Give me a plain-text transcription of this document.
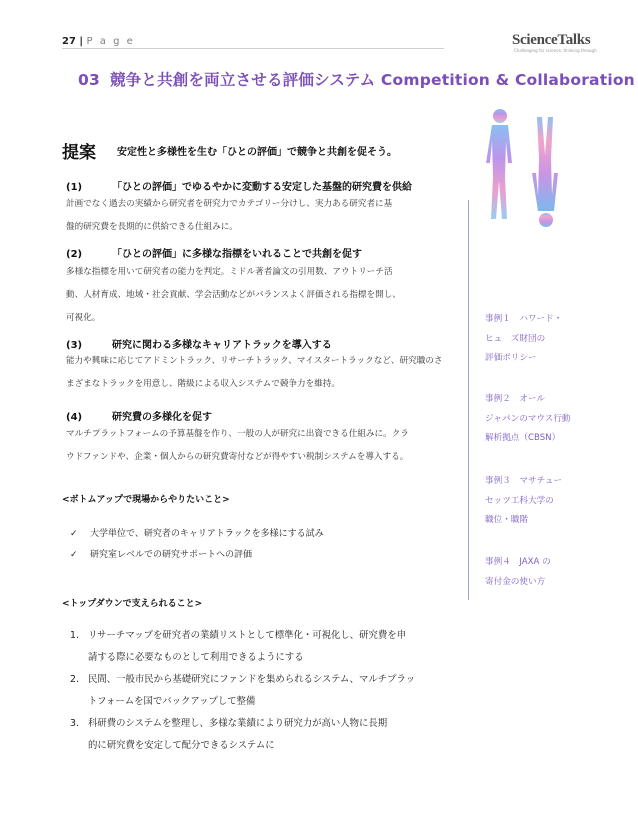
27 | P a g e	ScienceTalks
Challenging for science, thinking through
03 競争と共創を両立させる評価システム Competition & Collaboration
提案 安定性と多様性を生む「ひとの評価」で競争と共創を促そう。
(1)	「ひとの評価」でゆるやかに変動する安定した基盤的研究費を供給
計画でなく過去の実績から研究者を研究力でカテゴリー分けし、実力ある研究者に基
盤的研究費を長期的に供給できる仕組みに。
(2)	「ひとの評価」に多様な指標をいれることで共創を促す
多様な指標を用いて研究者の能力を判定。ミドル著者論文の引用数、アウトリーチ活
動、人材育成、地域・社会貢献、学会活動などがバランスよく評価される指標を開し、
可視化。
(3)	研究に関わる多様なキャリアトラックを導入する
能力や興味に応じてアドミントラック、リサーチトラック、マイスタートラックなど、研究職のさ
まざまなトラックを用意し、階級による収入システムで競争力を維持。
(4)	研究費の多様化を促す
マルチプラットフォームの予算基盤を作り、一般の人が研究に出資できる仕組みに。クラ
ウドファンドや、企業・個人からの研究費寄付などが得やすい税制システムを導入する。
<ボトムアップで現場からやりたいこと>
✓ 大学単位で、研究者のキャリアトラックを多様にする試み
✓ 研究室レベルでの研究サポートへの評価
<トップダウンで支えられること>
1. リサーチマップを研究者の業績リストとして標準化・可視化し、研究費を申
請する際に必要なものとして利用できるようにする
2. 民間、一般市民から基礎研究にファンドを集められるシステム、マルチプラッ
トフォームを国でバックアップして整備
3. 科研費のシステムを整理し、多様な業績により研究力が高い人物に長期
的に研究費を安定して配分できるシステムに
事例１　ハワード・
ヒュ　ズ財団の
評価ポリシー
事例２　オール
ジャパンのマウス行動
解析拠点（CBSN）
事例３　マサチュー
セッツ工科大学の
職位・職階
事例４　JAXA の
寄付金の使い方
